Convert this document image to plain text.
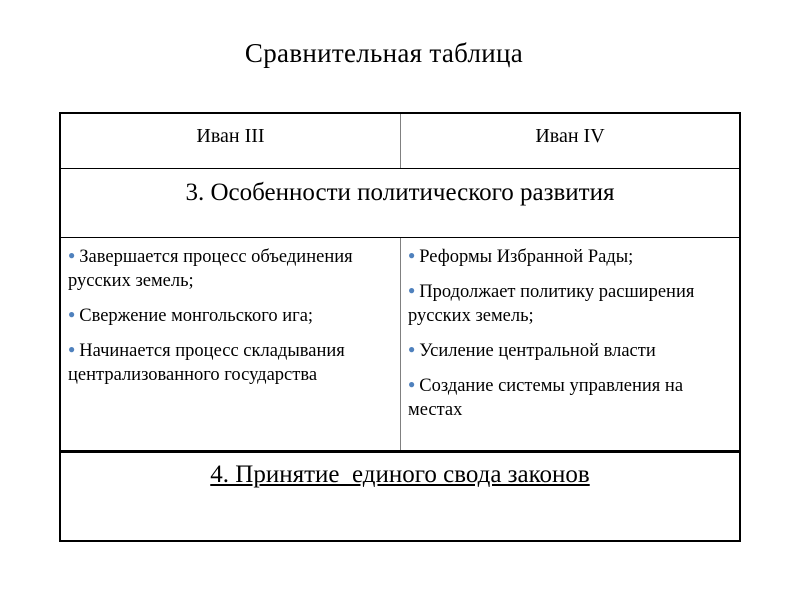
Сравнительная таблица
Иван III	Иван IV
3. Особенности политического развития
● Завершается процесс объединения русских земель;
● Свержение монгольского ига;
● Начинается процесс складывания централизованного государства
● Реформы Избранной Рады;
● Продолжает политику расширения русских земель;
● Усиление центральной власти
● Создание системы управления на местах
4. Принятие  единого свода законов
